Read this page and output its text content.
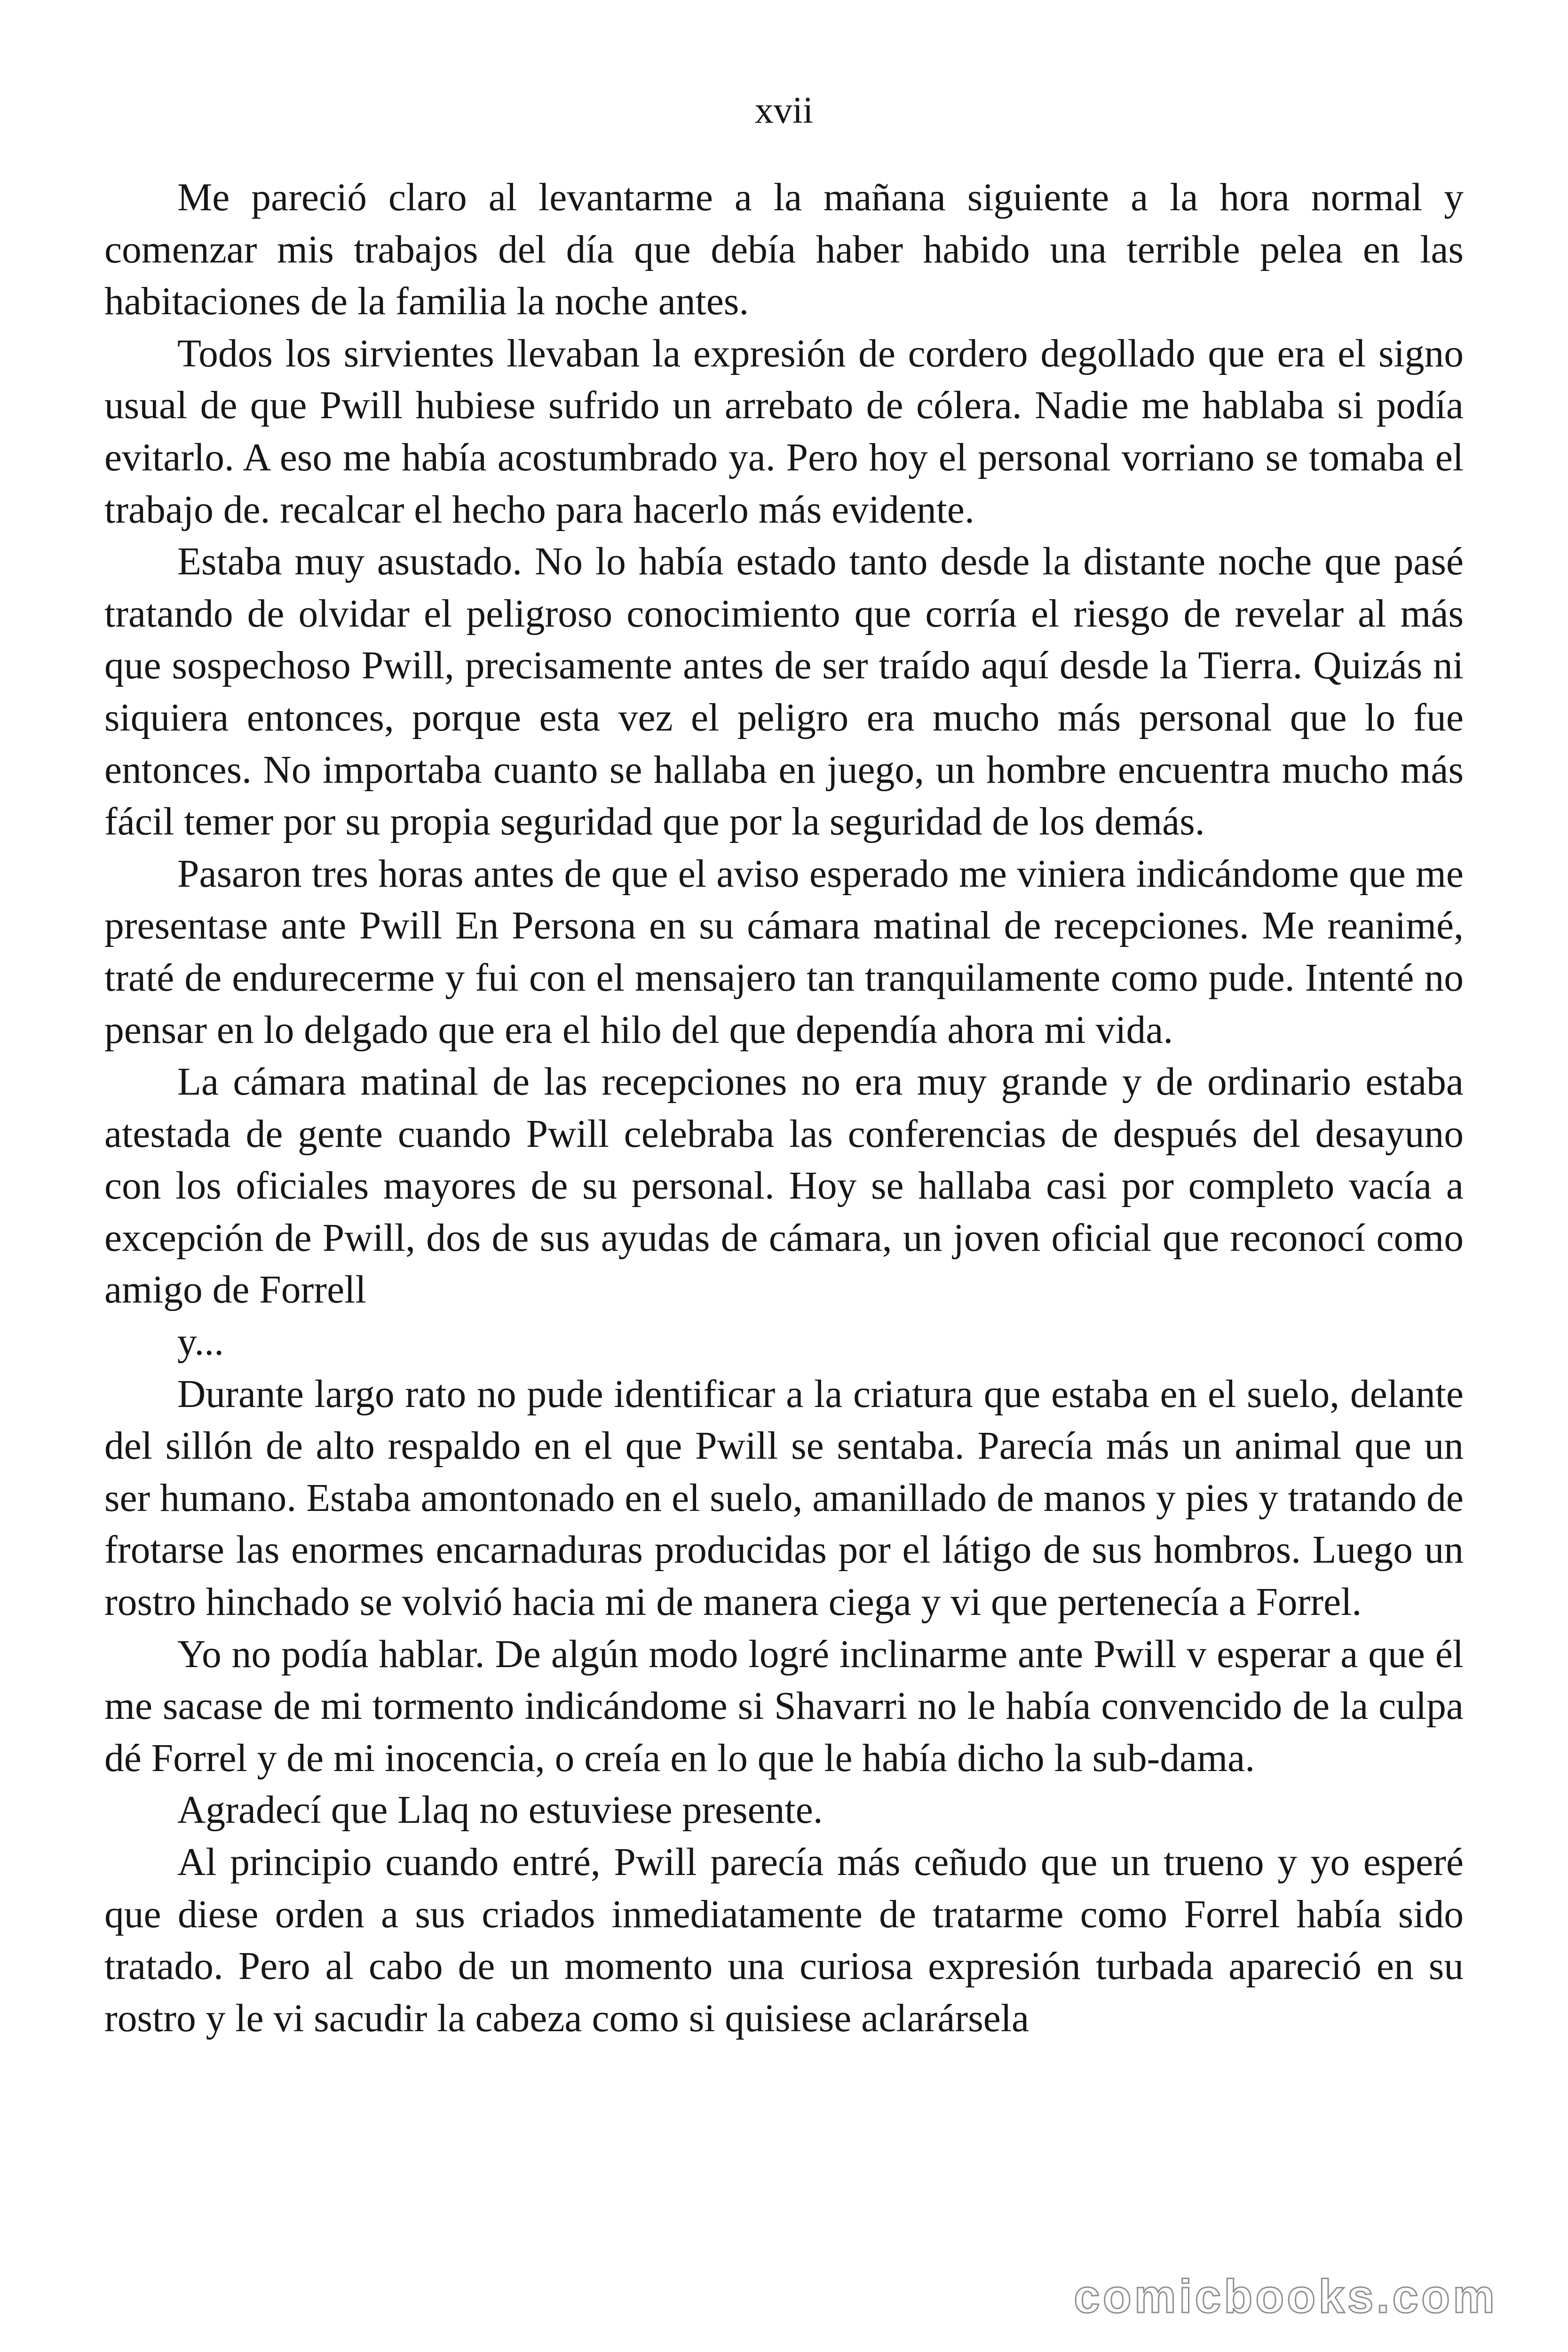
xvii

Me pareció claro al levantarme a la mañana siguiente a la hora normal y comenzar mis trabajos del día que debía haber habido una terrible pelea en las habitaciones de la familia la noche antes.

Todos los sirvientes llevaban la expresión de cordero degollado que era el signo usual de que Pwill hubiese sufrido un arrebato de cólera. Nadie me hablaba si podía evitarlo. A eso me había acostumbrado ya. Pero hoy el personal vorriano se tomaba el trabajo de. recalcar el hecho para hacerlo más evidente.

Estaba muy asustado. No lo había estado tanto desde la distante noche que pasé tratando de olvidar el peligroso conocimiento que corría el riesgo de revelar al más que sospechoso Pwill, precisamente antes de ser traído aquí desde la Tierra. Quizás ni siquiera entonces, porque esta vez el peligro era mucho más personal que lo fue entonces. No importaba cuanto se hallaba en juego, un hombre encuentra mucho más fácil temer por su propia seguridad que por la seguridad de los demás.

Pasaron tres horas antes de que el aviso esperado me viniera indicándome que me presentase ante Pwill En Persona en su cámara matinal de recepciones. Me reanimé, traté de endurecerme y fui con el mensajero tan tranquilamente como pude. Intenté no pensar en lo delgado que era el hilo del que dependía ahora mi vida.

La cámara matinal de las recepciones no era muy grande y de ordinario estaba atestada de gente cuando Pwill celebraba las conferencias de después del desayuno con los oficiales mayores de su personal. Hoy se hallaba casi por completo vacía a excepción de Pwill, dos de sus ayudas de cámara, un joven oficial que reconocí como amigo de Forrell

y...

Durante largo rato no pude identificar a la criatura que estaba en el suelo, delante del sillón de alto respaldo en el que Pwill se sentaba. Parecía más un animal que un ser humano. Estaba amontonado en el suelo, amanillado de manos y pies y tratando de frotarse las enormes encarnaduras producidas por el látigo de sus hombros. Luego un rostro hinchado se volvió hacia mi de manera ciega y vi que pertenecía a Forrel.

Yo no podía hablar. De algún modo logré inclinarme ante Pwill v esperar a que él me sacase de mi tormento indicándome si Shavarri no le había convencido de la culpa dé Forrel y de mi inocencia, o creía en lo que le había dicho la sub-dama.

Agradecí que Llaq no estuviese presente.

Al principio cuando entré, Pwill parecía más ceñudo que un trueno y yo esperé que diese orden a sus criados inmediatamente de tratarme como Forrel había sido tratado. Pero al cabo de un momento una curiosa expresión turbada apareció en su rostro y le vi sacudir la cabeza como si quisiese aclarársela

comicbooks.com
